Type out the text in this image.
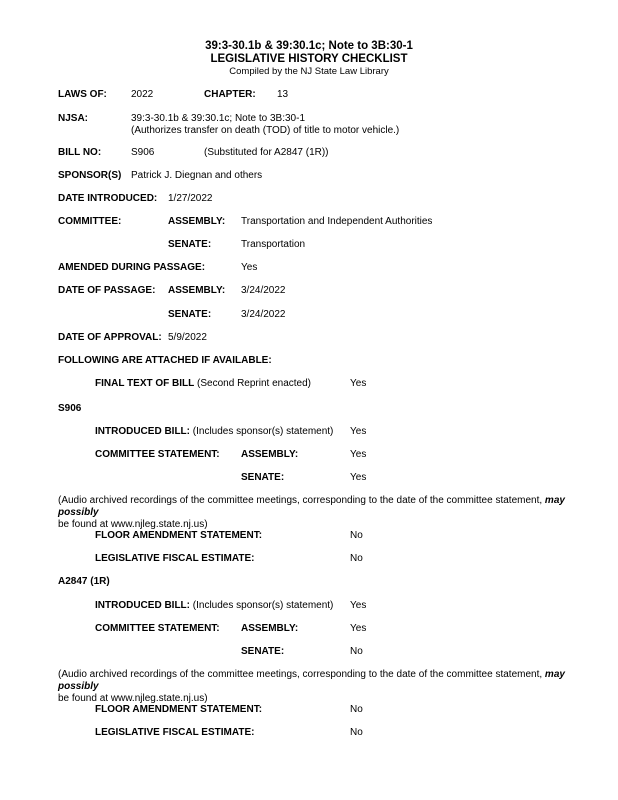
39:3-30.1b & 39:30.1c; Note to 3B:30-1
LEGISLATIVE HISTORY CHECKLIST
Compiled by the NJ State Law Library
LAWS OF: 2022	CHAPTER: 13
NJSA:	39:3-30.1b & 39:30.1c; Note to 3B:30-1
(Authorizes transfer on death (TOD) of title to motor vehicle.)
BILL NO:	S906	(Substituted for A2847 (1R))
SPONSOR(S) Patrick J. Diegnan and others
DATE INTRODUCED: 1/27/2022
COMMITTEE:	ASSEMBLY: Transportation and Independent Authorities
SENATE:	Transportation
AMENDED DURING PASSAGE:	Yes
DATE OF PASSAGE: ASSEMBLY: 3/24/2022
SENATE:	3/24/2022
DATE OF APPROVAL: 5/9/2022
FOLLOWING ARE ATTACHED IF AVAILABLE:
FINAL TEXT OF BILL (Second Reprint enacted)	Yes
S906
INTRODUCED BILL: (Includes sponsor(s) statement) Yes
COMMITTEE STATEMENT: ASSEMBLY:	Yes
SENATE:	Yes
(Audio archived recordings of the committee meetings, corresponding to the date of the committee statement, may possibly
be found at www.njleg.state.nj.us)
FLOOR AMENDMENT STATEMENT:	No
LEGISLATIVE FISCAL ESTIMATE:	No
A2847 (1R)
INTRODUCED BILL: (Includes sponsor(s) statement) Yes
COMMITTEE STATEMENT: ASSEMBLY:	Yes
SENATE:	No
(Audio archived recordings of the committee meetings, corresponding to the date of the committee statement, may possibly
be found at www.njleg.state.nj.us)
FLOOR AMENDMENT STATEMENT:	No
LEGISLATIVE FISCAL ESTIMATE:	No
